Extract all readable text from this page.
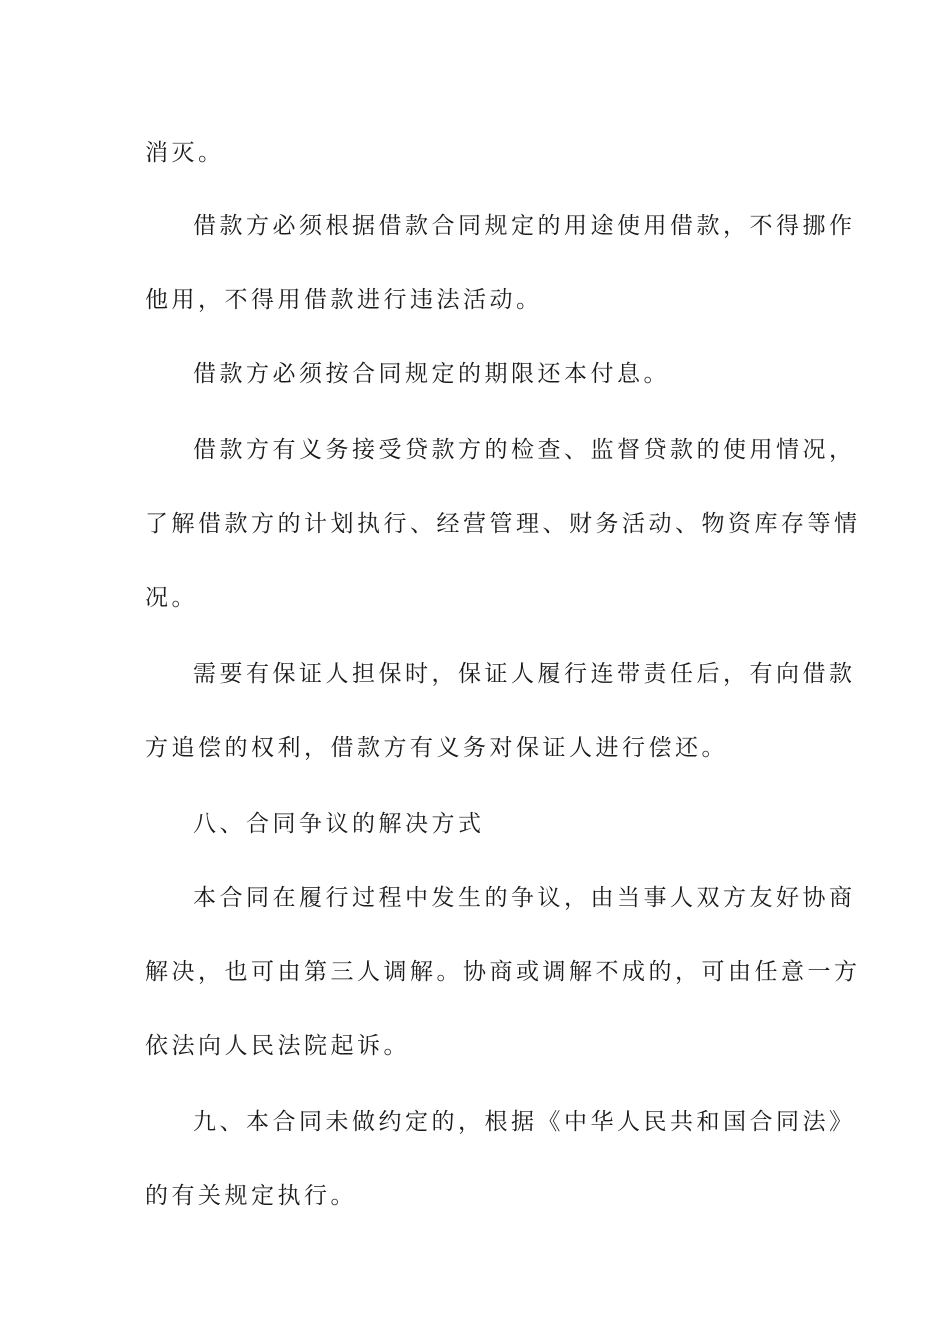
消灭。
借款方必须根据借款合同规定的用途使用借款，不得挪作
他用，不得用借款进行违法活动。
借款方必须按合同规定的期限还本付息。
借款方有义务接受贷款方的检查、监督贷款的使用情况，
了解借款方的计划执行、经营管理、财务活动、物资库存等情
况。
需要有保证人担保时，保证人履行连带责任后，有向借款
方追偿的权利，借款方有义务对保证人进行偿还。
八、合同争议的解决方式
本合同在履行过程中发生的争议，由当事人双方友好协商
解决，也可由第三人调解。协商或调解不成的，可由任意一方
依法向人民法院起诉。
九、本合同未做约定的，根据《中华人民共和国合同法》
的有关规定执行。
